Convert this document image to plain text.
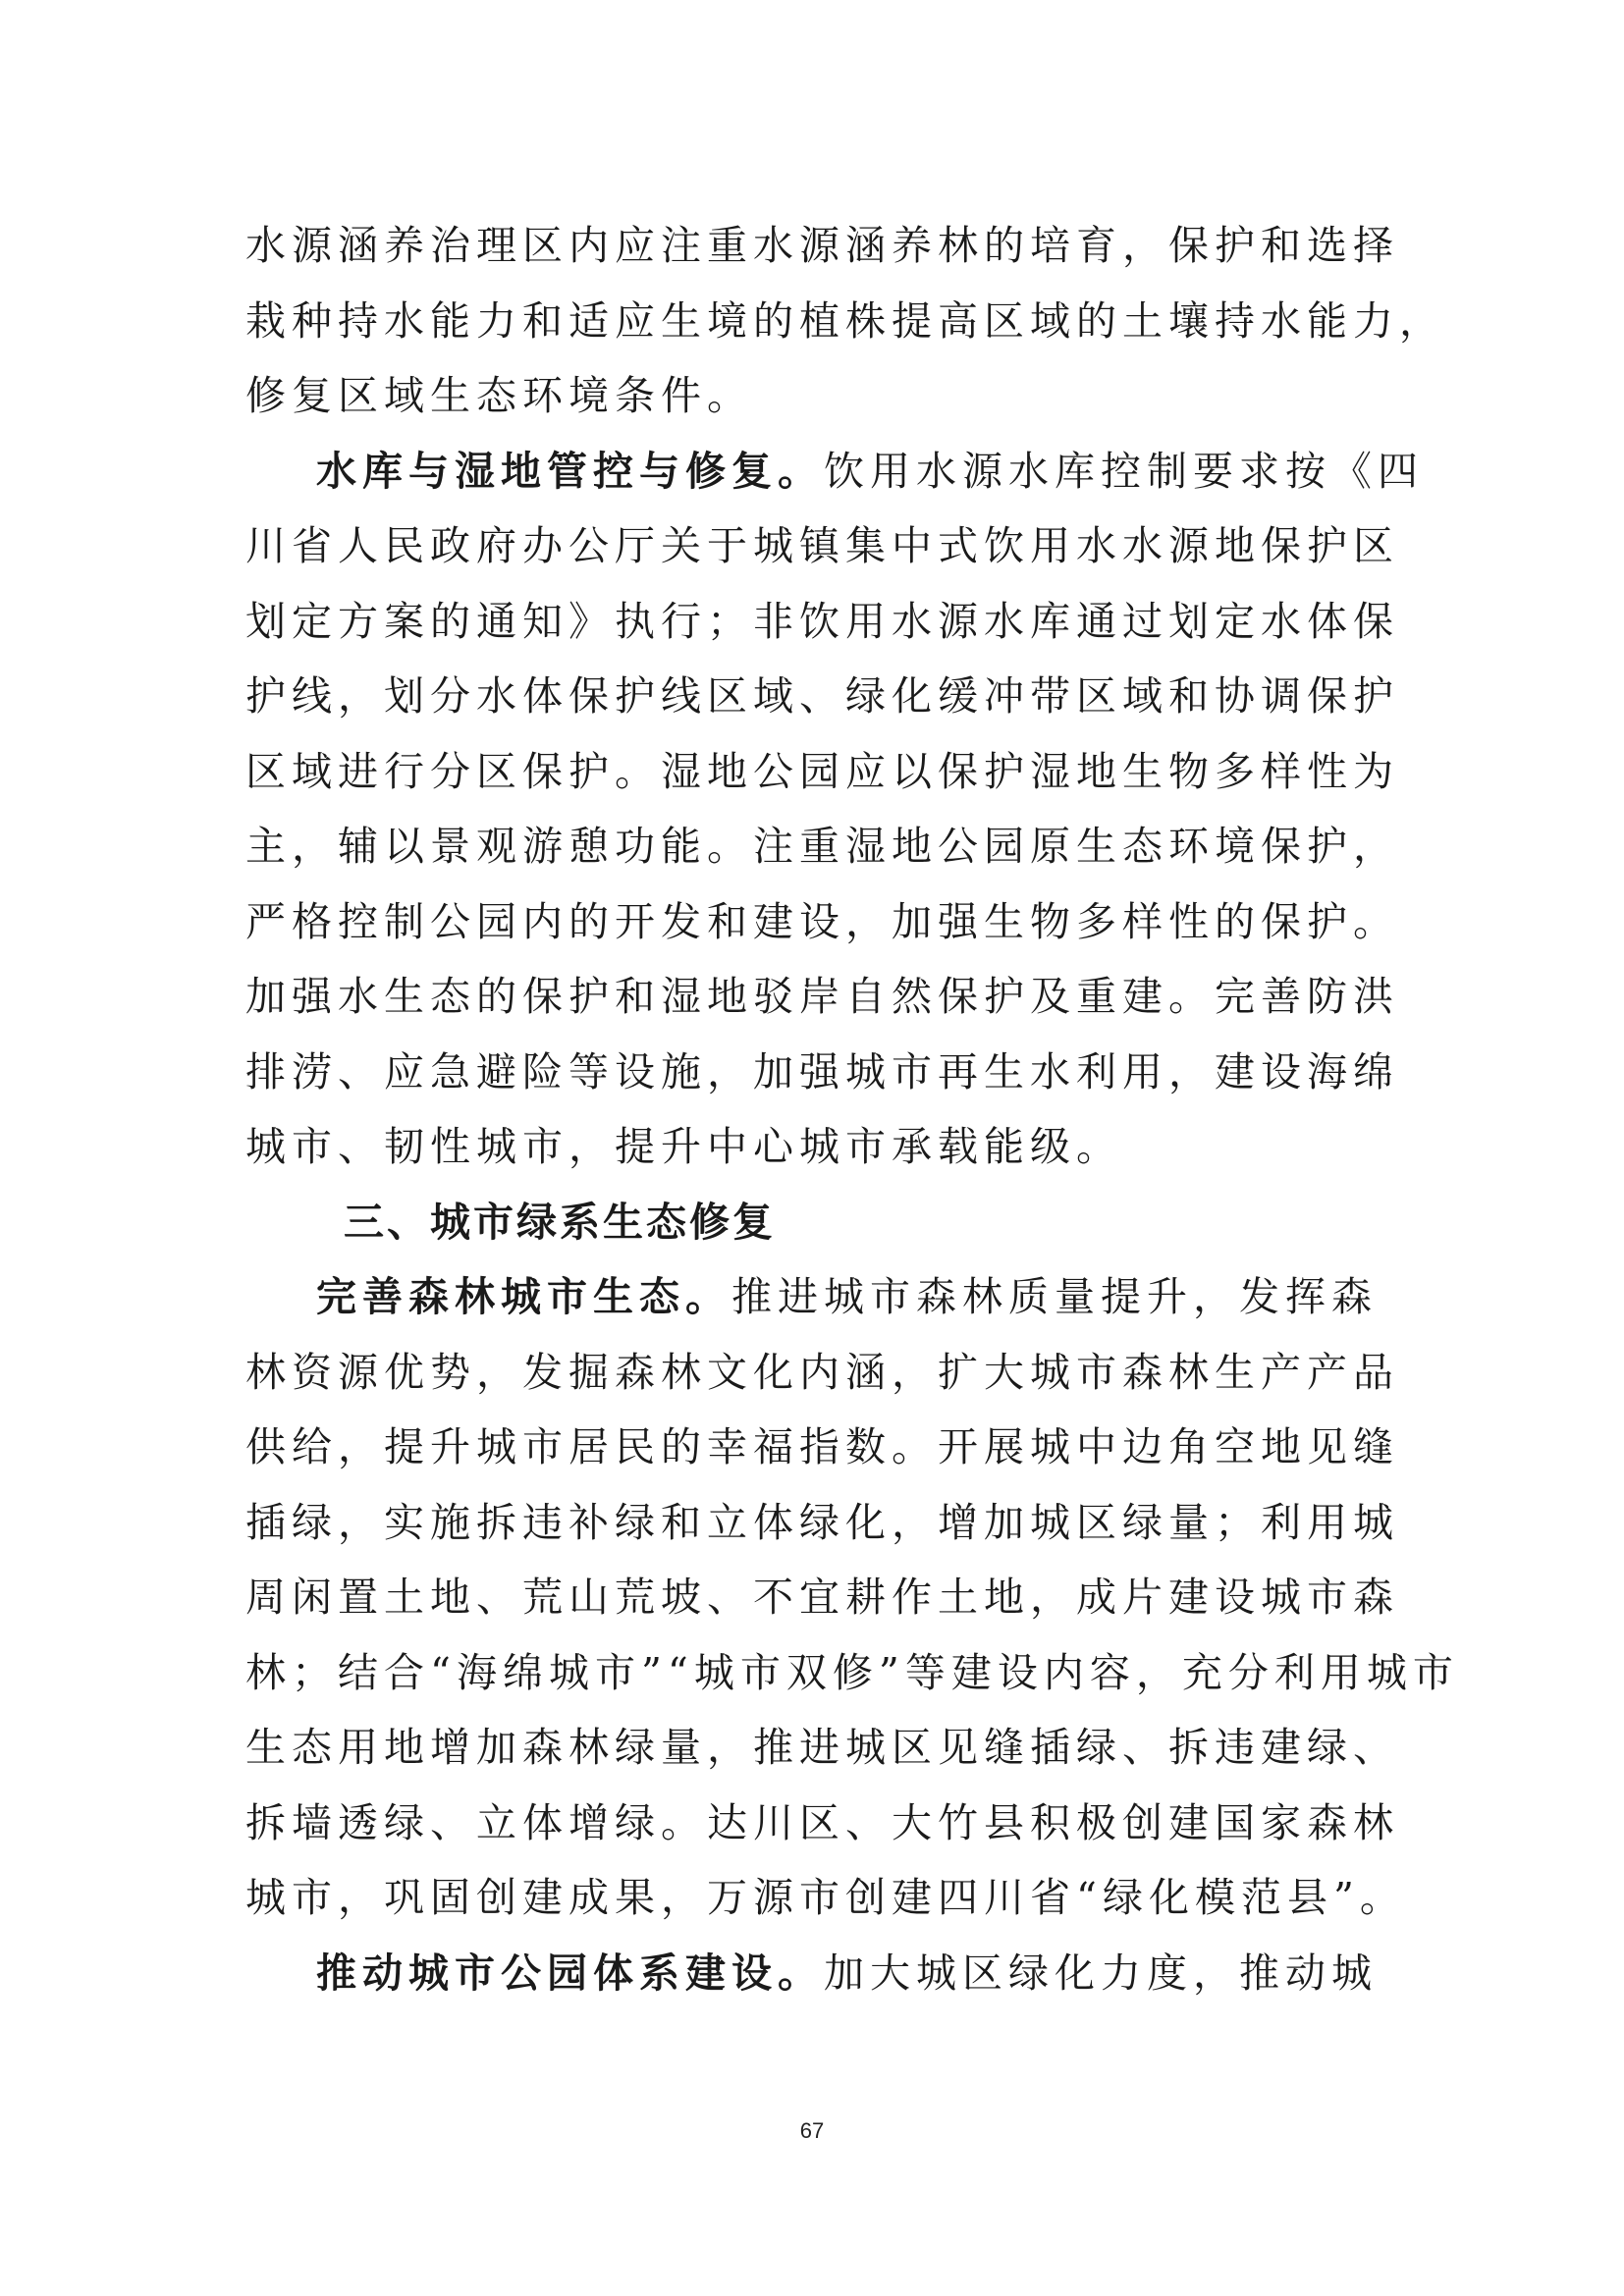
水源涵养治理区内应注重水源涵养林的培育，保护和选择
栽种持水能力和适应生境的植株提高区域的土壤持水能力，
修复区域生态环境条件。
水库与湿地管控与修复。饮用水源水库控制要求按《四
川省人民政府办公厅关于城镇集中式饮用水水源地保护区
划定方案的通知》执行；非饮用水源水库通过划定水体保
护线，划分水体保护线区域、绿化缓冲带区域和协调保护
区域进行分区保护。湿地公园应以保护湿地生物多样性为
主，辅以景观游憩功能。注重湿地公园原生态环境保护，
严格控制公园内的开发和建设，加强生物多样性的保护。
加强水生态的保护和湿地驳岸自然保护及重建。完善防洪
排涝、应急避险等设施，加强城市再生水利用，建设海绵
城市、韧性城市，提升中心城市承载能级。
三、城市绿系生态修复
完善森林城市生态。推进城市森林质量提升，发挥森
林资源优势，发掘森林文化内涵，扩大城市森林生产产品
供给，提升城市居民的幸福指数。开展城中边角空地见缝
插绿，实施拆违补绿和立体绿化，增加城区绿量；利用城
周闲置土地、荒山荒坡、不宜耕作土地，成片建设城市森
林；结合“海绵城市”“城市双修”等建设内容，充分利用城市
生态用地增加森林绿量，推进城区见缝插绿、拆违建绿、
拆墙透绿、立体增绿。达川区、大竹县积极创建国家森林
城市，巩固创建成果，万源市创建四川省“绿化模范县”。
推动城市公园体系建设。加大城区绿化力度，推动城
67
